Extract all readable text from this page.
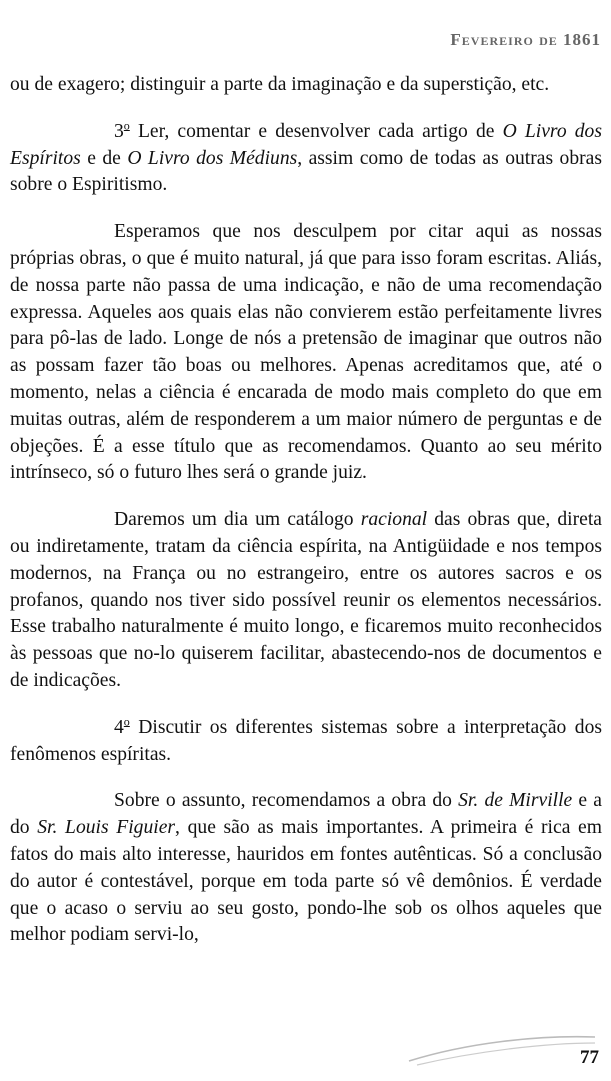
Fevereiro de 1861

ou de exagero; distinguir a parte da imaginação e da superstição, etc.

3$^o$ Ler, comentar e desenvolver cada artigo de O Livro dos Espíritos e de O Livro dos Médiuns, assim como de todas as outras obras sobre o Espiritismo.

Esperamos que nos desculpem por citar aqui as nossas próprias obras, o que é muito natural, já que para isso foram escritas. Aliás, de nossa parte não passa de uma indicação, e não de uma recomendação expressa. Aqueles aos quais elas não convierem estão perfeitamente livres para pô-las de lado. Longe de nós a pretensão de imaginar que outros não as possam fazer tão boas ou melhores. Apenas acreditamos que, até o momento, nelas a ciência é encarada de modo mais completo do que em muitas outras, além de responderem a um maior número de perguntas e de objeções. É a esse título que as recomendamos. Quanto ao seu mérito intrínseco, só o futuro lhes será o grande juiz.

Daremos um dia um catálogo racional das obras que, direta ou indiretamente, tratam da ciência espírita, na Antigüidade e nos tempos modernos, na França ou no estrangeiro, entre os autores sacros e os profanos, quando nos tiver sido possível reunir os elementos necessários. Esse trabalho naturalmente é muito longo, e ficaremos muito reconhecidos às pessoas que no-lo quiserem facilitar, abastecendo-nos de documentos e de indicações.

4$^o$ Discutir os diferentes sistemas sobre a interpretação dos fenômenos espíritas.

Sobre o assunto, recomendamos a obra do Sr. de Mirville e a do Sr. Louis Figuier, que são as mais importantes. A primeira é rica em fatos do mais alto interesse, hauridos em fontes autênticas. Só a conclusão do autor é contestável, porque em toda parte só vê demônios. É verdade que o acaso o serviu ao seu gosto, pondo-lhe sob os olhos aqueles que melhor podiam servi-lo,

77
